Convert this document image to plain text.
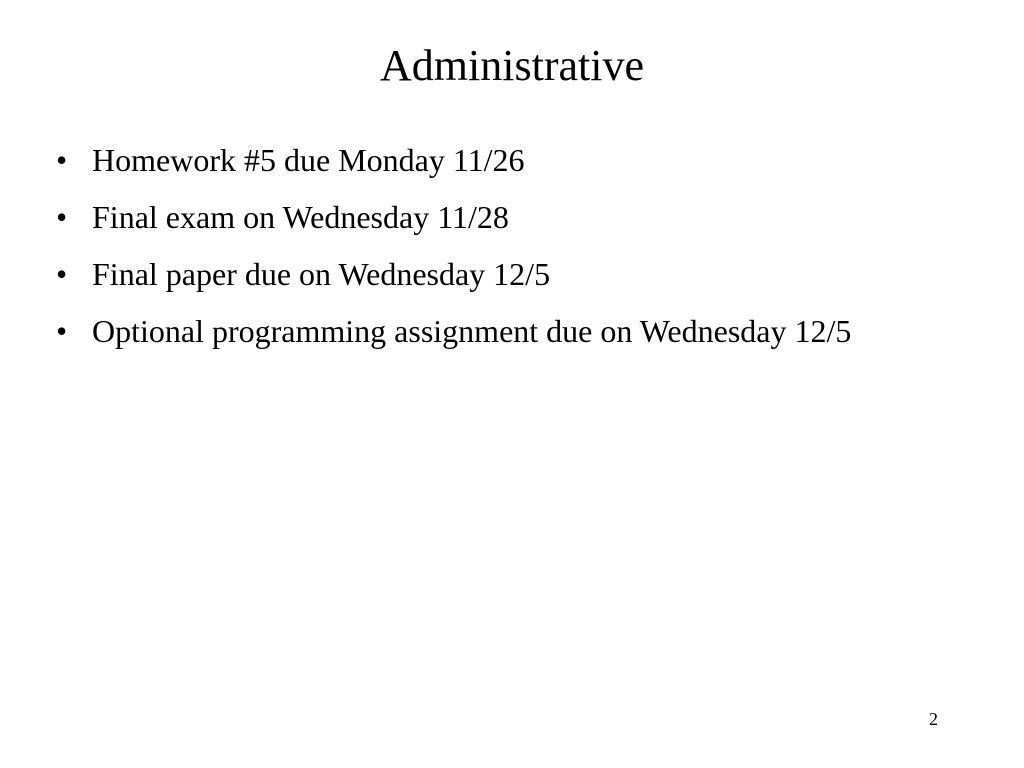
Administrative
• Homework #5 due Monday 11/26
• Final exam on Wednesday 11/28
• Final paper due on Wednesday 12/5
• Optional programming assignment due on Wednesday 12/5
2
